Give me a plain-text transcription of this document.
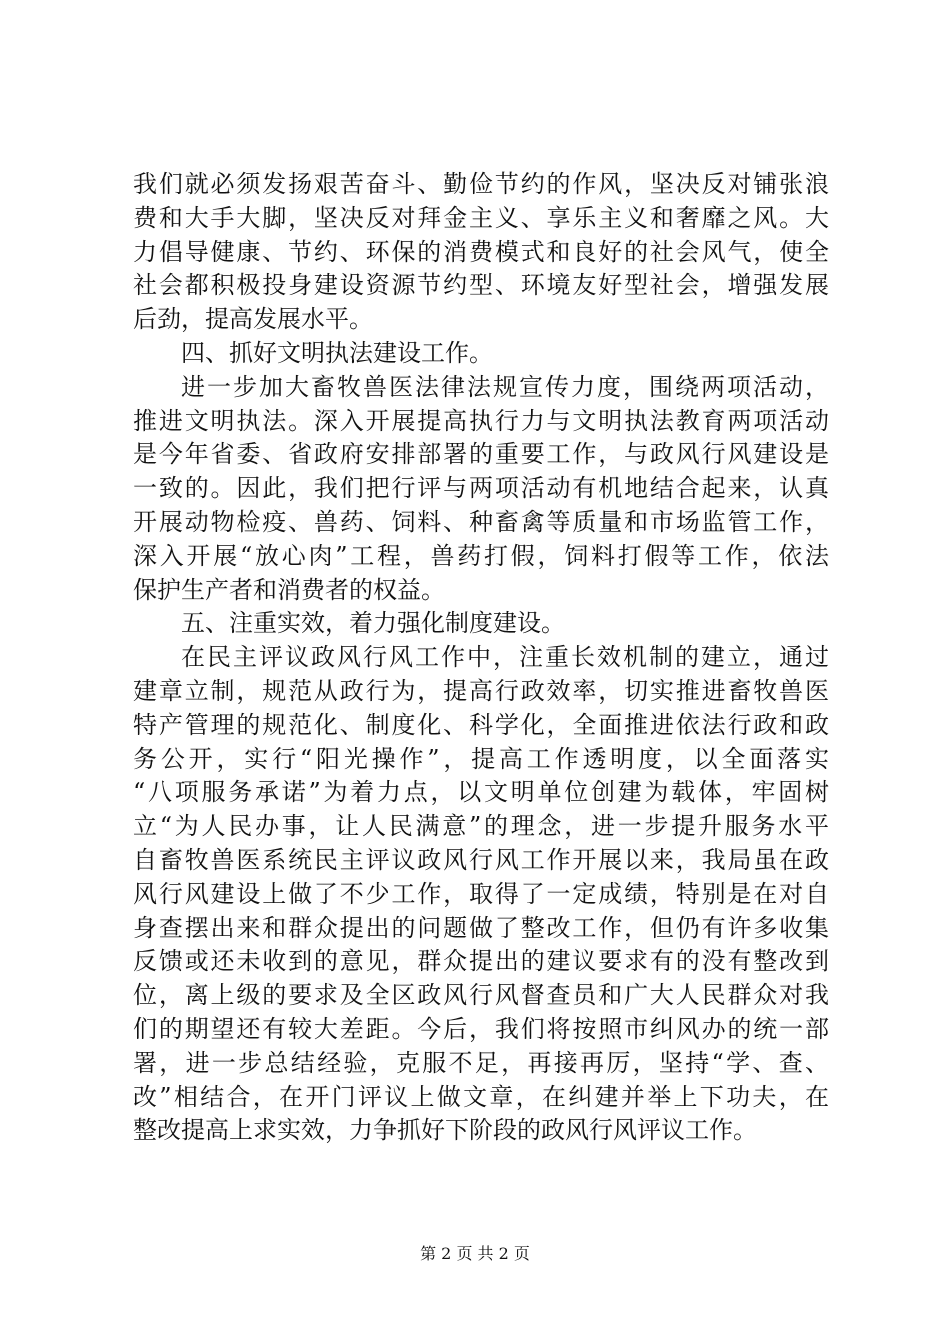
我们就必须发扬艰苦奋斗、勤俭节约的作风，坚决反对铺张浪
费和大手大脚，坚决反对拜金主义、享乐主义和奢靡之风。大
力倡导健康、节约、环保的消费模式和良好的社会风气，使全
社会都积极投身建设资源节约型、环境友好型社会，增强发展
后劲，提高发展水平。
四、抓好文明执法建设工作。
进一步加大畜牧兽医法律法规宣传力度，围绕两项活动，
推进文明执法。深入开展提高执行力与文明执法教育两项活动
是今年省委、省政府安排部署的重要工作，与政风行风建设是
一致的。因此，我们把行评与两项活动有机地结合起来，认真
开展动物检疫、兽药、饲料、种畜禽等质量和市场监管工作，
深入开展“放心肉”工程，兽药打假，饲料打假等工作，依法
保护生产者和消费者的权益。
五、注重实效，着力强化制度建设。
在民主评议政风行风工作中，注重长效机制的建立，通过
建章立制，规范从政行为，提高行政效率，切实推进畜牧兽医
特产管理的规范化、制度化、科学化，全面推进依法行政和政
务公开，实行“阳光操作”，提高工作透明度，以全面落实
“八项服务承诺”为着力点，以文明单位创建为载体，牢固树
立“为人民办事，让人民满意”的理念，进一步提升服务水平
自畜牧兽医系统民主评议政风行风工作开展以来，我局虽在政
风行风建设上做了不少工作，取得了一定成绩，特别是在对自
身查摆出来和群众提出的问题做了整改工作，但仍有许多收集
反馈或还未收到的意见，群众提出的建议要求有的没有整改到
位，离上级的要求及全区政风行风督查员和广大人民群众对我
们的期望还有较大差距。今后，我们将按照市纠风办的统一部
署，进一步总结经验，克服不足，再接再厉，坚持“学、查、
改”相结合，在开门评议上做文章，在纠建并举上下功夫，在
整改提高上求实效，力争抓好下阶段的政风行风评议工作。
第 2 页 共 2 页
